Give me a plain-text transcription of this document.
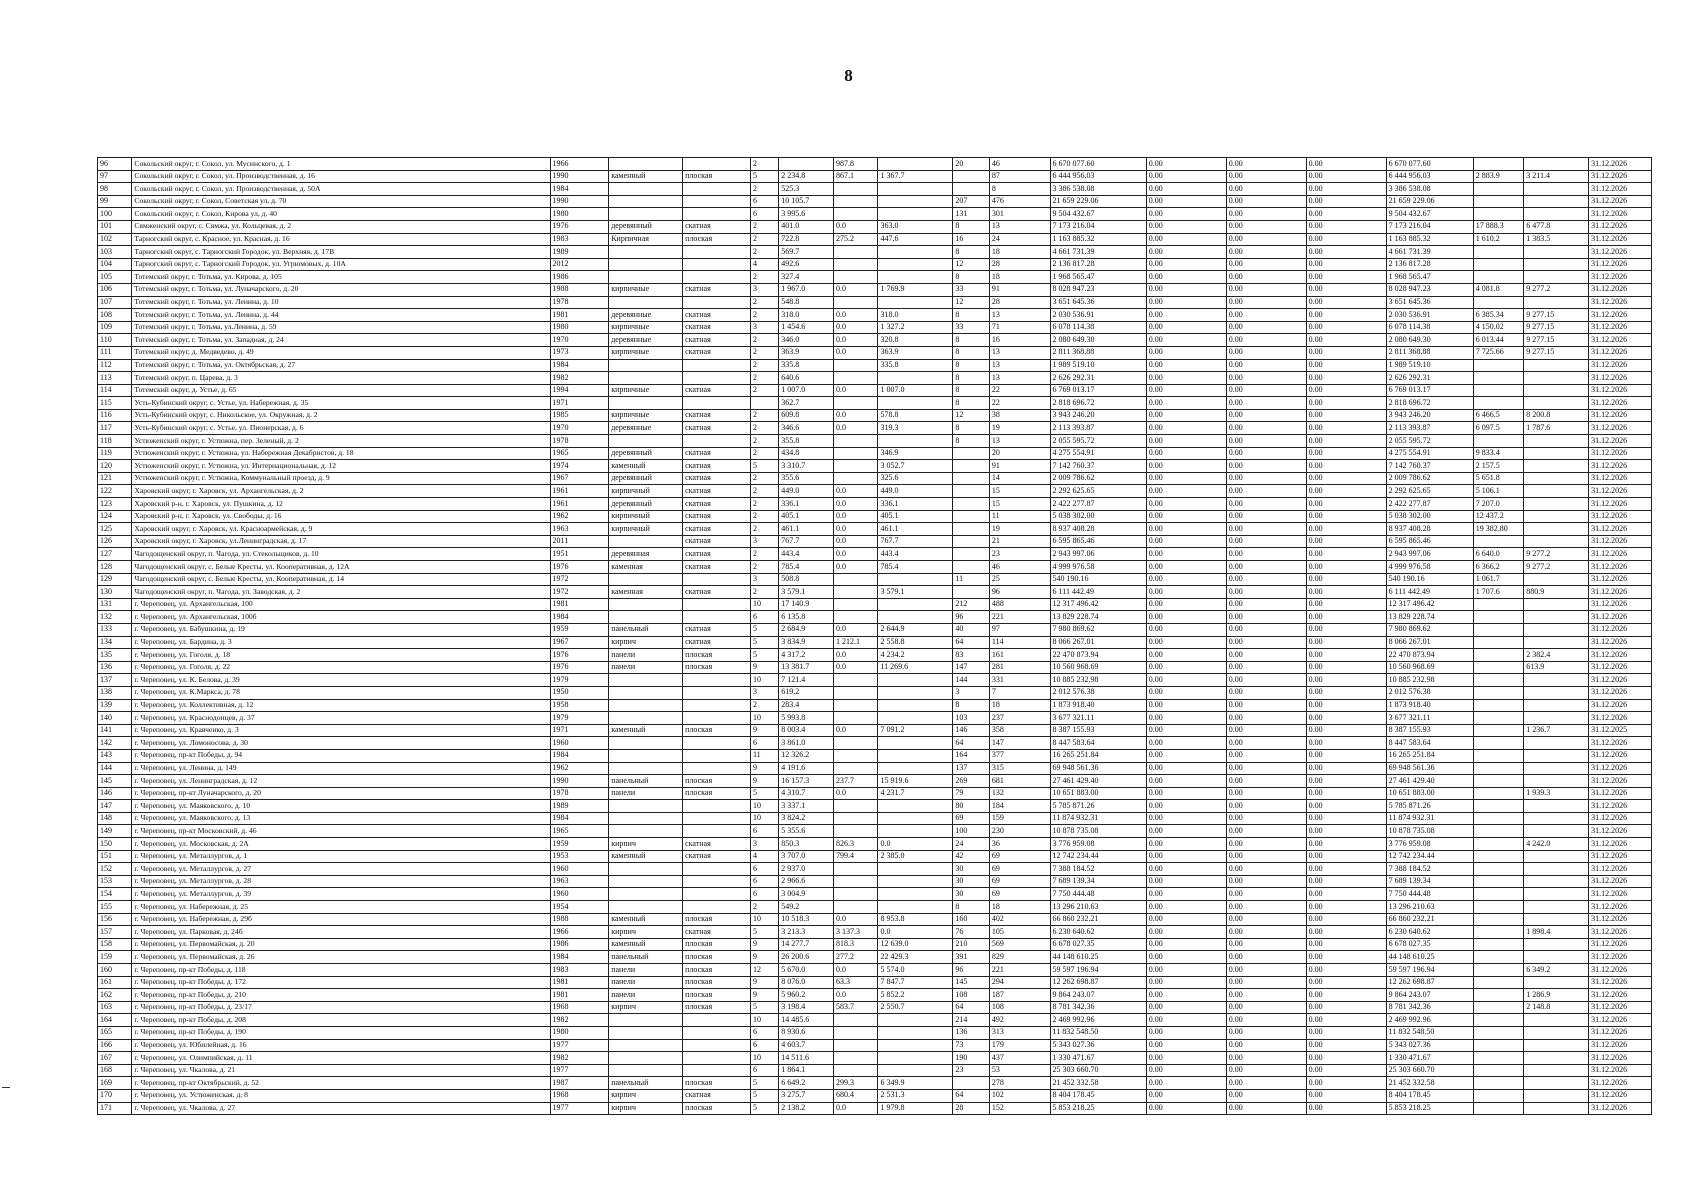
8
96	Сокольский округ, г. Сокол, ул. Мусинского, д. 1	1966			2		987.8		20	46	6 670 077.60	0.00	0.00	0.00	6 670 077.60			31.12.2026
97	Сокольский округ, г. Сокол, ул. Производственная, д. 16	1990	каменный	плоская	5	2 234.8	867.1	1 367.7		87	6 444 956.03	0.00	0.00	0.00	6 444 956.03	2 883.9	3 211.4	31.12.2026
98	Сокольский округ, г. Сокол, ул. Производственная, д. 50А	1984			2	525.3				8	3 386 538.08	0.00	0.00	0.00	3 386 538.08			31.12.2026
99	Сокольский округ, г. Сокол, Советская ул, д. 70	1990			6	10 105.7			207	476	21 659 229.06	0.00	0.00	0.00	21 659 229.06			31.12.2026
100	Сокольский округ, г. Сокол, Кирова ул, д. 40	1980			6	3 995.6			131	301	9 504 432.67	0.00	0.00	0.00	9 504 432.67			31.12.2026
101	Сямженский округ, с. Сямжа, ул. Кольцевая, д. 2	1976	деревянный	скатная	2	401.0	0.0	363.0	8	13	7 173 216.04	0.00	0.00	0.00	7 173 216.04	17 888.3	6 477.8	31.12.2026
102	Тарногский округ, с. Красное, ул. Красная, д. 16	1983	Кирпичная	плоская	2	722.8	275.2	447.6	16	24	1 163 885.32	0.00	0.00	0.00	1 163 885.32	1 610.2	1 383.5	31.12.2026
103	Тарногский округ, с. Тарногский Городок, ул. Верхняя, д. 17В	1989			2	569.7			8	18	4 661 731.39	0.00	0.00	0.00	4 661 731.39			31.12.2026
104	Тарногский округ, с. Тарногский Городок, ул. Угрюмовых, д. 10А	2012			4	492.6			12	28	2 136 817.28	0.00	0.00	0.00	2 136 817.28			31.12.2026
105	Тотемский округ, г. Тотьма, ул. Кирова, д. 105	1986			2	327.4			8	18	1 968 565.47	0.00	0.00	0.00	1 968 565.47			31.12.2026
106	Тотемский округ, г. Тотьма, ул. Луначарского, д. 20	1988	кирпичные	скатная	3	1 967.0	0.0	1 769.9	33	91	8 028 947.23	0.00	0.00	0.00	8 028 947.23	4 081.8	9 277.2	31.12.2026
107	Тотемский округ, г. Тотьма, ул. Ленина, д. 10	1978			2	548.8			12	28	3 651 645.36	0.00	0.00	0.00	3 651 645.36			31.12.2026
108	Тотемский округ, г. Тотьма, ул. Ленина, д. 44	1981	деревянные	скатная	2	318.0	0.0	318.0	8	13	2 030 536.91	0.00	0.00	0.00	2 030 536.91	6 385.34	9 277.15	31.12.2026
109	Тотемский округ, г. Тотьма, ул.Ленина, д. 59	1980	кирпичные	скатная	3	1 454.6	0.0	1 327.2	33	71	6 078 114.38	0.00	0.00	0.00	6 078 114.38	4 150.02	9 277.15	31.12.2026
110	Тотемский округ, г. Тотьма, ул. Западная, д. 24	1970	деревянные	скатная	2	346.0	0.0	320.8	8	16	2 080 649.30	0.00	0.00	0.00	2 080 649.30	6 013.44	9 277.15	31.12.2026
111	Тотемский округ, д. Медведево, д. 49	1973	кирпичные	скатная	2	363.9	0.0	363.9	8	13	2 811 368.88	0.00	0.00	0.00	2 811 368.88	7 725.66	9 277.15	31.12.2026
112	Тотемский округ, г. Тотьма, ул. Октябрьская, д. 27	1984			2	335.8		335.8	8	13	1 989 519.10	0.00	0.00	0.00	1 989 519.10			31.12.2026
113	Тотемский округ, п. Царева, д. 3	1982			2	640.6			8	13	2 626 292.31	0.00	0.00	0.00	2 626 292.31			31.12.2026
114	Тотемский округ, д. Устье, д. 65	1994	кирпичные	скатная	2	1 007.0	0.0	1 007.0	8	22	6 769 013.17	0.00	0.00	0.00	6 769 013.17			31.12.2026
115	Усть-Кубинский округ, с. Устье, ул. Набережная, д. 35	1971				362.7			8	22	2 818 696.72	0.00	0.00	0.00	2 818 696.72			31.12.2026
116	Усть-Кубинский округ, с. Никольское, ул. Окружная, д. 2	1985	кирпичные	скатная	2	609.8	0.0	578.8	12	38	3 943 246.20	0.00	0.00	0.00	3 943 246.20	6 466.5	8 200.8	31.12.2026
117	Усть-Кубинский округ, с. Устье, ул. Пионерская, д. 6	1970	деревянные	скатная	2	346.6	0.0	319.3	8	19	2 113 393.87	0.00	0.00	0.00	2 113 393.87	6 097.5	1 787.6	31.12.2026
118	Устюженский округ, г. Устюжна, пер. Зеленый, д. 2	1978			2	355.8			8	13	2 055 595.72	0.00	0.00	0.00	2 055 595.72			31.12.2026
119	Устюженский округ, г. Устюжна, ул. Набережная Декабристов, д. 18	1965	деревянный	скатная	2	434.8		346.9		20	4 275 554.91	0.00	0.00	0.00	4 275 554.91	9 833.4		31.12.2026
120	Устюженский округ, г. Устюжна, ул. Интернациональная, д. 12	1974	каменный	скатная	5	3 310.7		3 052.7		91	7 142 760.37	0.00	0.00	0.00	7 142 760.37	2 157.5		31.12.2026
121	Устюженский округ, г. Устюжна, Коммунальный проезд, д. 9	1967	деревянный	скатная	2	355.6		325.6		14	2 009 786.62	0.00	0.00	0.00	2 009 786.62	5 651.8		31.12.2026
122	Харовский округ, г. Харовск, ул. Архангельская, д. 2	1961	кирпичный	скатная	2	449.0	0.0	449.0		15	2 292 625.65	0.00	0.00	0.00	2 292 625.65	5 106.1		31.12.2026
123	Харовский р-н, г. Харовск, ул. Пушкина, д. 12	1961	деревянный	скатная	2	336.1	0.0	336.1		15	2 422 277.87	0.00	0.00	0.00	2 422 277.87	7 207.0		31.12.2026
124	Харовский р-н, г. Харовск, ул. Свободы, д. 16	1962	кирпичный	скатная	2	405.1	0.0	405.1		11	5 038 302.00	0.00	0.00	0.00	5 038 302.00	12 437.2		31.12.2026
125	Харовский округ, г. Харовск, ул. Красноармейская, д. 9	1963	кирпичный	скатная	2	461.1	0.0	461.1		19	8 937 408.28	0.00	0.00	0.00	8 937 408.28	19 382.80		31.12.2026
126	Харовский округ, г. Харовск, ул.Ленинградская, д. 17	2011		скатная	3	767.7	0.0	767.7		21	6 595 865.46	0.00	0.00	0.00	6 595 865.46			31.12.2026
127	Чагодощенский округ, п. Чагода, ул. Стекольщиков, д. 10	1951	деревянная	скатная	2	443.4	0.0	443.4		23	2 943 997.06	0.00	0.00	0.00	2 943 997.06	6 640.0	9 277.2	31.12.2026
128	Чагодощенский округ, с. Белые Кресты, ул. Кооперативная, д. 12А	1976	каменная	скатная	2	785.4	0.0	785.4		46	4 999 976.58	0.00	0.00	0.00	4 999 976.58	6 366.2	9 277.2	31.12.2026
129	Чагодощенский округ, с. Белые Кресты, ул. Кооперативная, д. 14	1972			3	508.8			11	25	540 190.16	0.00	0.00	0.00	540 190.16	1 061.7		31.12.2026
130	Чагодощенский округ, п. Чагода, ул. Заводская, д. 2	1972	каменная	скатная	2	3 579.1		3 579.1		96	6 111 442.49	0.00	0.00	0.00	6 111 442.49	1 707.6	880.9	31.12.2026
131	г. Череповец, ул. Архангельская, 100	1981			10	17 140.9			212	488	12 317 496.42	0.00	0.00	0.00	12 317 496.42			31.12.2026
132	г. Череповец, ул. Архангельская, 100б	1984			6	6 135.8			96	221	13 829 228.74	0.00	0.00	0.00	13 829 228.74			31.12.2026
133	г. Череповец, ул. Бабушкина, д. 19	1959	панельный	скатная	5	2 684.9	0.0	2 644.9	40	97	7 980 869.62	0.00	0.00	0.00	7 980 869.62			31.12.2026
134	г. Череповец, ул. Бардина, д. 3	1967	кирпич	скатная	5	3 834.9	1 212.1	2 558.8	64	114	8 066 267.01	0.00	0.00	0.00	8 066 267.01			31.12.2026
135	г. Череповец, ул. Гоголя, д. 18	1976	панели	плоская	5	4 317.2	0.0	4 234.2	83	161	22 470 873.94	0.00	0.00	0.00	22 470 873.94		2 382.4	31.12.2026
136	г. Череповец, ул. Гоголя, д. 22	1976	панели	плоская	9	13 381.7	0.0	11 269.6	147	281	10 560 968.69	0.00	0.00	0.00	10 560 968.69		613.9	31.12.2026
137	г. Череповец, ул. К. Белова, д. 39	1979			10	7 121.4			144	331	10 885 232.98	0.00	0.00	0.00	10 885 232.98			31.12.2026
138	г. Череповец, ул. К.Маркса, д. 78	1950			3	619.2			3	7	2 012 576.38	0.00	0.00	0.00	2 012 576.38			31.12.2026
139	г. Череповец, ул. Коллективная, д. 12	1958			2	283.4			8	18	1 873 918.40	0.00	0.00	0.00	1 873 918.40			31.12.2026
140	г. Череповец, ул. Краснодонцев, д. 37	1979			10	5 993.8			103	237	3 677 321.11	0.00	0.00	0.00	3 677 321.11			31.12.2026
141	г. Череповец, ул. Кравченко, д. 3	1971	каменный	плоская	9	8 003.4	0.0	7 091.2	146	358	8 387 155.93	0.00	0.00	0.00	8 387 155.93		1 236.7	31.12.2025
142	г. Череповец, ул. Ломоносова, д. 30	1960			6	3 861.0			64	147	8 447 583.64	0.00	0.00	0.00	8 447 583.64			31.12.2026
143	г. Череповец, пр-кт Победы, д. 94	1984			11	12 326.2			164	377	16 265 251.84	0.00	0.00	0.00	16 265 251.84			31.12.2026
144	г. Череповец, ул. Ленина, д. 149	1962			9	4 191.6			137	315	69 948 561.36	0.00	0.00	0.00	69 948 561.36			31.12.2026
145	г. Череповец, ул. Ленинградская, д. 12	1990	панельный	плоская	9	16 157.3	237.7	15 919.6	269	681	27 461 429.40	0.00	0.00	0.00	27 461 429.40			31.12.2026
146	г. Череповец, пр-кт Луначарского, д. 20	1978	панели	плоская	5	4 310.7	0.0	4 231.7	79	132	10 651 883.00	0.00	0.00	0.00	10 651 883.00		1 939.3	31.12.2026
147	г. Череповец, ул. Маяковского, д. 10	1989			10	3 337.1			80	184	5 785 871.26	0.00	0.00	0.00	5 785 871.26			31.12.2026
148	г. Череповец, ул. Маяковского, д. 13	1984			10	3 824.2			69	159	11 874 932.31	0.00	0.00	0.00	11 874 932.31			31.12.2026
149	г. Череповец, пр-кт Московский, д. 46	1965			6	5 355.6			100	230	10 878 735.08	0.00	0.00	0.00	10 878 735.08			31.12.2026
150	г. Череповец, ул. Московская, д. 2А	1959	кирпич	скатная	3	850.3	826.3	0.0	24	36	3 776 959.08	0.00	0.00	0.00	3 776 959.08		4 242.0	31.12.2026
151	г. Череповец, ул. Металлургов, д. 1	1953	каменный	скатная	4	3 707.0	799.4	2 385.0	42	69	12 742 234.44	0.00	0.00	0.00	12 742 234.44			31.12.2026
152	г. Череповец, ул. Металлургов, д. 27	1960			6	2 937.0			30	69	7 388 184.52	0.00	0.00	0.00	7 388 184.52			31.12.2026
153	г. Череповец, ул. Металлургов, д. 28	1963			6	2 966.6			30	69	7 689 139.34	0.00	0.00	0.00	7 689 139.34			31.12.2026
154	г. Череповец, ул. Металлургов, д. 39	1960			6	3 004.9			30	69	7 750 444.48	0.00	0.00	0.00	7 750 444.48			31.12.2026
155	г. Череповец, ул. Набережная, д. 25	1954			2	549.2			8	18	13 296 210.63	0.00	0.00	0.00	13 296 210.63			31.12.2026
156	г. Череповец, ул. Набережная, д. 29б	1988	каменный	плоская	10	10 518.3	0.0	8 953.8	160	402	66 860 232.21	0.00	0.00	0.00	66 860 232.21			31.12.2026
157	г. Череповец, ул. Парковая, д. 24б	1966	кирпич	скатная	5	3 213.3	3 137.3	0.0	76	105	6 230 640.62	0.00	0.00	0.00	6 230 640.62		1 898.4	31.12.2026
158	г. Череповец, ул. Первомайская, д. 20	1986	каменный	плоская	9	14 277.7	818.3	12 639.0	210	569	6 678 027.35	0.00	0.00	0.00	6 678 027.35			31.12.2026
159	г. Череповец, ул. Первомайская, д. 26	1984	панельный	плоская	9	26 200.6	277.2	22 429.3	391	829	44 148 610.25	0.00	0.00	0.00	44 148 610.25			31.12.2026
160	г. Череповец, пр-кт Победы, д. 118	1983	панели	плоская	12	5 670.0	0.0	5 574.0	96	221	59 597 196.94	0.00	0.00	0.00	59 597 196.94		6 349.2	31.12.2026
161	г. Череповец, пр-кт Победы, д. 172	1981	панели	плоская	9	8 076.0	63.3	7 847.7	145	294	12 262 698.87	0.00	0.00	0.00	12 262 698.87			31.12.2026
162	г. Череповец, пр-кт Победы, д. 210	1981	панели	плоская	9	5 960.2	0.0	5 852.2	108	187	9 864 243.07	0.00	0.00	0.00	9 864 243.07		1 286.9	31.12.2026
163	г. Череповец, пр-кт Победы, д. 23/17	1968	кирпич	плоская	5	3 198.4	583.7	2 550.7	64	108	8 781 342.36	0.00	0.00	0.00	8 781 342.36		2 148.8	31.12.2026
164	г. Череповец, пр-кт Победы, д. 208	1982			10	14 485.6			214	492	2 469 992.96	0.00	0.00	0.00	2 469 992.96			31.12.2026
165	г. Череповец, пр-кт Победы, д. 190	1980			6	8 930.6			136	313	11 832 548.50	0.00	0.00	0.00	11 832 548.50			31.12.2026
166	г. Череповец, ул. Юбилейная, д. 16	1977			6	4 603.7			73	179	5 343 027.36	0.00	0.00	0.00	5 343 027.36			31.12.2026
167	г. Череповец, ул. Олимпийская, д. 11	1982			10	14 511.6			190	437	1 330 471.67	0.00	0.00	0.00	1 330 471.67			31.12.2026
168	г. Череповец, ул. Чкалова, д. 21	1977			6	1 864.1			23	53	25 303 660.70	0.00	0.00	0.00	25 303 660.70			31.12.2026
169	г. Череповец, пр-кт Октябрьский, д. 52	1987	панельный	плоская	5	6 649.2	299.3	6 349.9		278	21 452 332.58	0.00	0.00	0.00	21 452 332.58			31.12.2026
170	г. Череповец, ул. Устюженская, д. 8	1968	кирпич	скатная	5	3 275.7	680.4	2 531.3	64	102	8 404 178.45	0.00	0.00	0.00	8 404 178.45			31.12.2026
171	г. Череповец, ул. Чкалова, д. 27	1977	кирпич	плоская	5	2 138.2	0.0	1 979.8	28	152	5 853 218.25	0.00	0.00	0.00	5 853 218.25			31.12.2026
